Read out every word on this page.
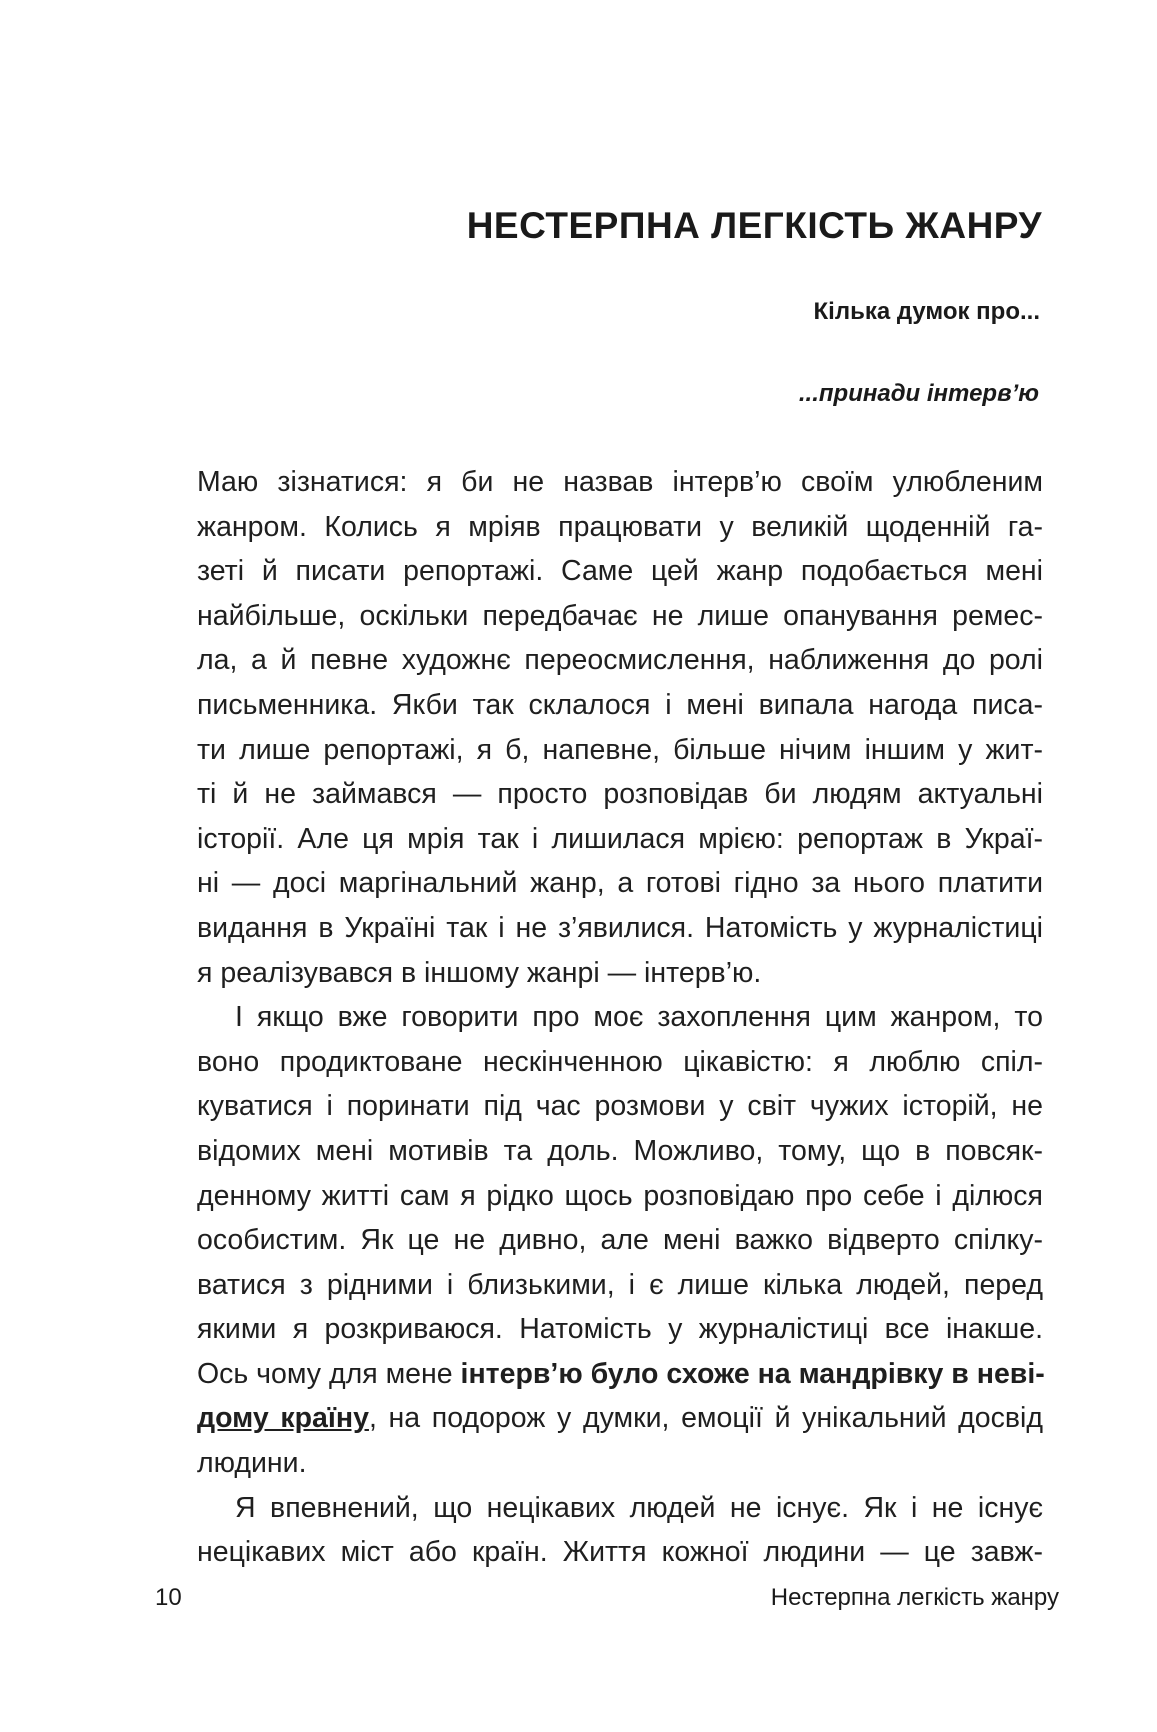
НЕСТЕРПНА ЛЕГКІСТЬ ЖАНРУ
Кілька думок про...
...принади інтерв’ю
Маю зізнатися: я би не назвав інтерв’ю своїм улюбленим
жанром. Колись я мріяв працювати у великій щоденній га-
зеті й писати репортажі. Саме цей жанр подобається мені
найбільше, оскільки передбачає не лише опанування ремес-
ла, а й певне художнє переосмислення, наближення до ролі
письменника. Якби так склалося і мені випала нагода писа-
ти лише репортажі, я б, напевне, більше нічим іншим у жит-
ті й не займався — просто розповідав би людям актуальні
історії. Але ця мрія так і лишилася мрією: репортаж в Украї-
ні — досі маргінальний жанр, а готові гідно за нього платити
видання в Україні так і не з’явилися. Натомість у журналістиці
я реалізувався в іншому жанрі — інтерв’ю.
І якщо вже говорити про моє захоплення цим жанром, то
воно продиктоване нескінченною цікавістю: я люблю спіл-
куватися і поринати під час розмови у світ чужих історій, не
відомих мені мотивів та доль. Можливо, тому, що в повсяк-
денному житті сам я рідко щось розповідаю про себе і ділюся
особистим. Як це не дивно, але мені важко відверто спілку-
ватися з рідними і близькими, і є лише кілька людей, перед
якими я розкриваюся. Натомість у журналістиці все інакше.
Ось чому для мене інтерв’ю було схоже на мандрівку в неві-
дому країну, на подорож у думки, емоції й унікальний досвід
людини.
Я впевнений, що нецікавих людей не існує. Як і не існує
нецікавих міст або країн. Життя кожної людини — це завж-

10	Нестерпна легкість жанру
